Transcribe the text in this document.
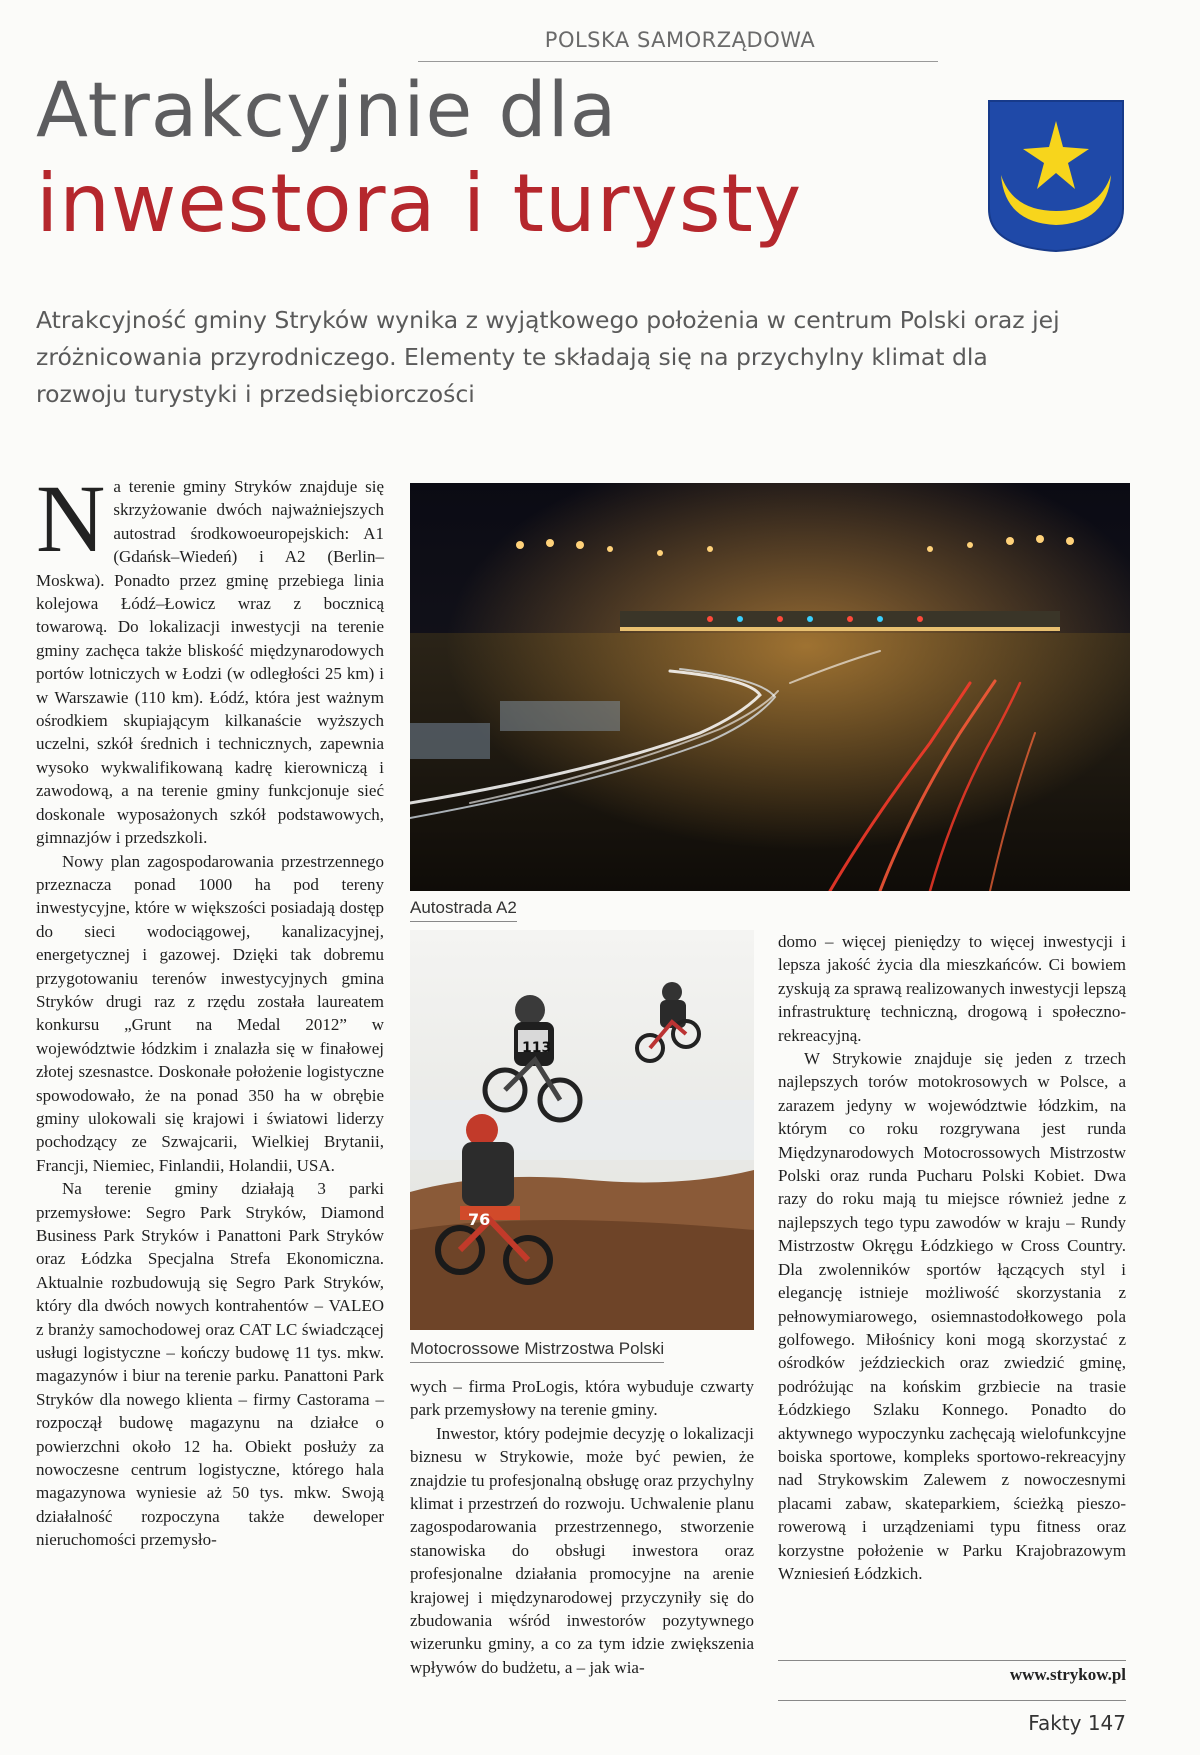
POLSKA SAMORZĄDOWA
Atrakcyjnie dla
inwestora i turysty
Atrakcyjność gminy Stryków wynika z wyjątkowego położenia w centrum Polski oraz jej zróżnicowania przyrodniczego. Elementy te składają się na przychylny klimat dla rozwoju turystyki i przedsiębiorczości
N a terenie gminy Stryków znajduje się skrzyżowanie dwóch najważniejszych autostrad środkowoeuropejskich: A1 (Gdańsk–Wiedeń) i A2 (Berlin–Moskwa). Ponadto przez gminę przebiega linia kolejowa Łódź–Łowicz wraz z bocznicą towarową. Do lokalizacji inwestycji na terenie gminy zachęca także bliskość międzynarodowych portów lotniczych w Łodzi (w odległości 25 km) i w Warszawie (110 km). Łódź, która jest ważnym ośrodkiem skupiającym kilkanaście wyższych uczelni, szkół średnich i technicznych, zapewnia wysoko wykwalifikowaną kadrę kierowniczą i zawodową, a na terenie gminy funkcjonuje sieć doskonale wyposażonych szkół podstawowych, gimnazjów i przedszkoli.

Nowy plan zagospodarowania przestrzennego przeznacza ponad 1000 ha pod tereny inwestycyjne, które w większości posiadają dostęp do sieci wodociągowej, kanalizacyjnej, energetycznej i gazowej. Dzięki tak dobremu przygotowaniu terenów inwestycyjnych gmina Stryków drugi raz z rzędu została laureatem konkursu „Grunt na Medal 2012” w województwie łódzkim i znalazła się w finałowej złotej szesnastce. Doskonałe położenie logistyczne spowodowało, że na ponad 350 ha w obrębie gminy ulokowali się krajowi i światowi liderzy pochodzący ze Szwajcarii, Wielkiej Brytanii, Francji, Niemiec, Finlandii, Holandii, USA.

Na terenie gminy działają 3 parki przemysłowe: Segro Park Stryków, Diamond Business Park Stryków i Panattoni Park Stryków oraz Łódzka Specjalna Strefa Ekonomiczna. Aktualnie rozbudowują się Segro Park Stryków, który dla dwóch nowych kontrahentów – VALEO z branży samochodowej oraz CAT LC świadczącej usługi logistyczne – kończy budowę 11 tys. mkw. magazynów i biur na terenie parku. Panattoni Park Stryków dla nowego klienta – firmy Castorama – rozpoczął budowę magazynu na działce o powierzchni około 12 ha. Obiekt posłuży za nowoczesne centrum logistyczne, którego hala magazynowa wyniesie aż 50 tys. mkw. Swoją działalność rozpoczyna także deweloper nieruchomości przemysło-

Autostrada A2
113
76
Motocrossowe Mistrzostwa Polski

wych – firma ProLogis, która wybuduje czwarty park przemysłowy na terenie gminy.

Inwestor, który podejmie decyzję o lokalizacji biznesu w Strykowie, może być pewien, że znajdzie tu profesjonalną obsługę oraz przychylny klimat i przestrzeń do rozwoju. Uchwalenie planu zagospodarowania przestrzennego, stworzenie stanowiska do obsługi inwestora oraz profesjonalne działania promocyjne na arenie krajowej i międzynarodowej przyczyniły się do zbudowania wśród inwestorów pozytywnego wizerunku gminy, a co za tym idzie zwiększenia wpływów do budżetu, a – jak wia-

domo – więcej pieniędzy to więcej inwestycji i lepsza jakość życia dla mieszkańców. Ci bowiem zyskują za sprawą realizowanych inwestycji lepszą infrastrukturę techniczną, drogową i społeczno-rekreacyjną.

W Strykowie znajduje się jeden z trzech najlepszych torów motokrosowych w Polsce, a zarazem jedyny w województwie łódzkim, na którym co roku rozgrywana jest runda Międzynarodowych Motocrossowych Mistrzostw Polski oraz runda Pucharu Polski Kobiet. Dwa razy do roku mają tu miejsce również jedne z najlepszych tego typu zawodów w kraju – Rundy Mistrzostw Okręgu Łódzkiego w Cross Country. Dla zwolenników sportów łączących styl i elegancję istnieje możliwość skorzystania z pełnowymiarowego, osiemnastodołkowego pola golfowego. Miłośnicy koni mogą skorzystać z ośrodków jeździeckich oraz zwiedzić gminę, podróżując na końskim grzbiecie na trasie Łódzkiego Szlaku Konnego. Ponadto do aktywnego wypoczynku zachęcają wielofunkcyjne boiska sportowe, kompleks sportowo-rekreacyjny nad Strykowskim Zalewem z nowoczesnymi placami zabaw, skateparkiem, ścieżką pieszo-rowerową i urządzeniami typu fitness oraz korzystne położenie w Parku Krajobrazowym Wzniesień Łódzkich.

www.strykow.pl
Fakty 147
